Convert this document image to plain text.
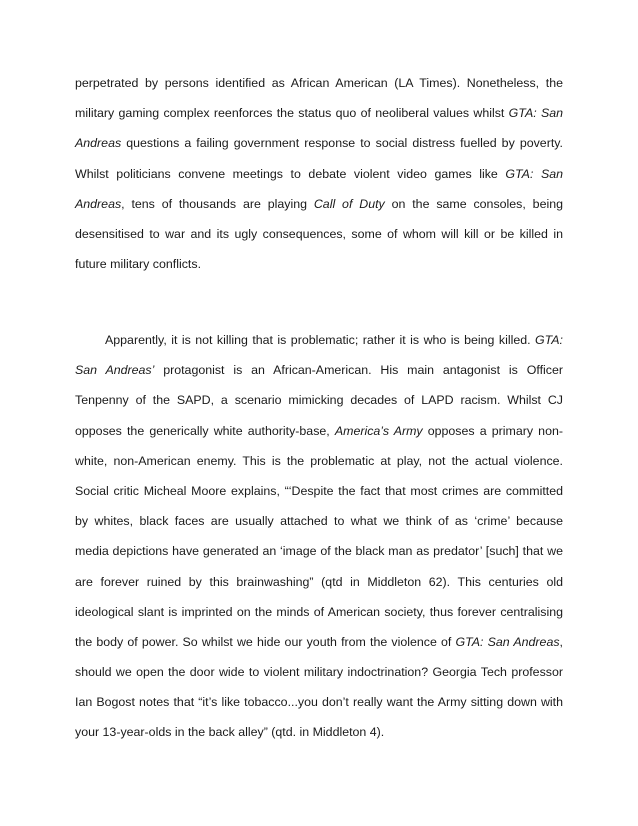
perpetrated by persons identified as African American (LA Times). Nonetheless, the
military gaming complex reenforces the status quo of neoliberal values whilst GTA: San
Andreas questions a failing government response to social distress fuelled by poverty.
Whilst politicians convene meetings to debate violent video games like GTA: San
Andreas, tens of thousands are playing Call of Duty on the same consoles, being
desensitised to war and its ugly consequences, some of whom will kill or be killed in
future military conflicts.
Apparently, it is not killing that is problematic; rather it is who is being killed. GTA:
San Andreas’ protagonist is an African-American. His main antagonist is Officer
Tenpenny of the SAPD, a scenario mimicking decades of LAPD racism. Whilst CJ
opposes the generically white authority-base, America’s Army opposes a primary non-
white, non-American enemy. This is the problematic at play, not the actual violence.
Social critic Micheal Moore explains, “‘Despite the fact that most crimes are committed
by whites, black faces are usually attached to what we think of as ‘crime’ because
media depictions have generated an ‘image of the black man as predator’ [such] that we
are forever ruined by this brainwashing” (qtd in Middleton 62). This centuries old
ideological slant is imprinted on the minds of American society, thus forever centralising
the body of power. So whilst we hide our youth from the violence of GTA: San Andreas,
should we open the door wide to violent military indoctrination? Georgia Tech professor
Ian Bogost notes that “it’s like tobacco...you don’t really want the Army sitting down with
your 13-year-olds in the back alley” (qtd. in Middleton 4).
